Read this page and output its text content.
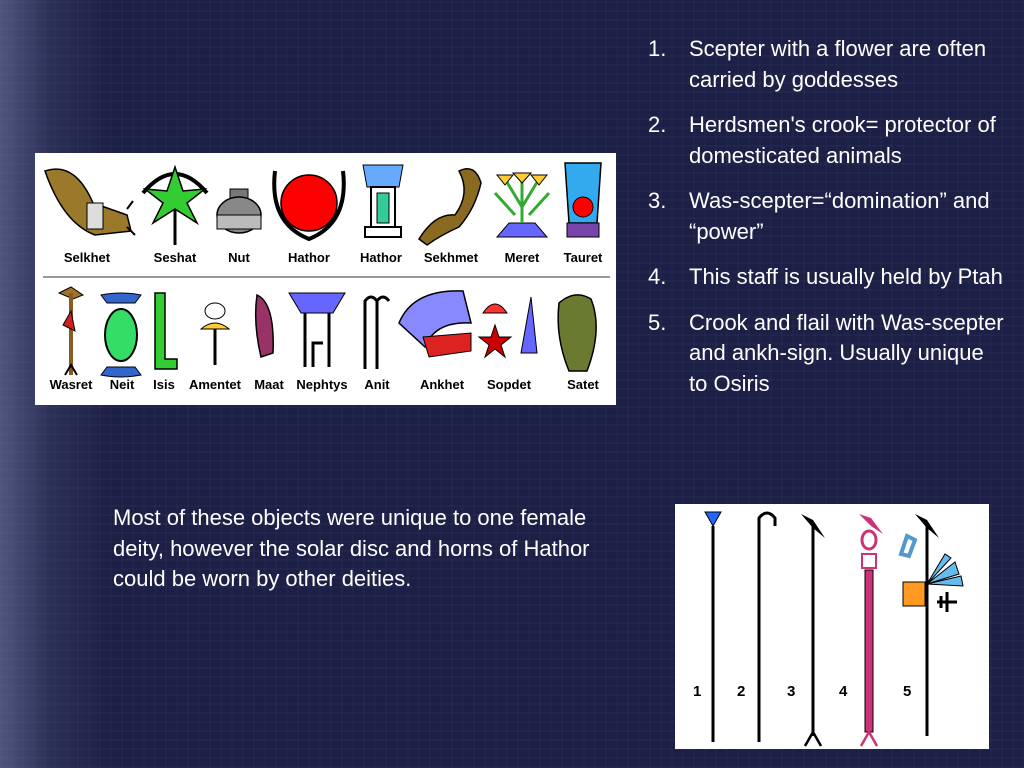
1.	Scepter with a flower are often carried by goddesses
2.	Herdsmen's crook= protector of domesticated animals
3.	Was-scepter=“domination” and “power”
4.	This staff is usually held by Ptah
5.	Crook and flail with Was-scepter and ankh-sign. Usually unique to Osiris

Most of these objects were unique to one female deity, however the solar disc and horns of Hathor could be worn by other deities.

Selkhet	Seshat Nut	Hathor Hathor Sekhmet Meret Tauret
Wasret Neit Isis Amentet Maat Nephtys Anit Ankhet Sopdet	Satet
1 2	3	4	5
